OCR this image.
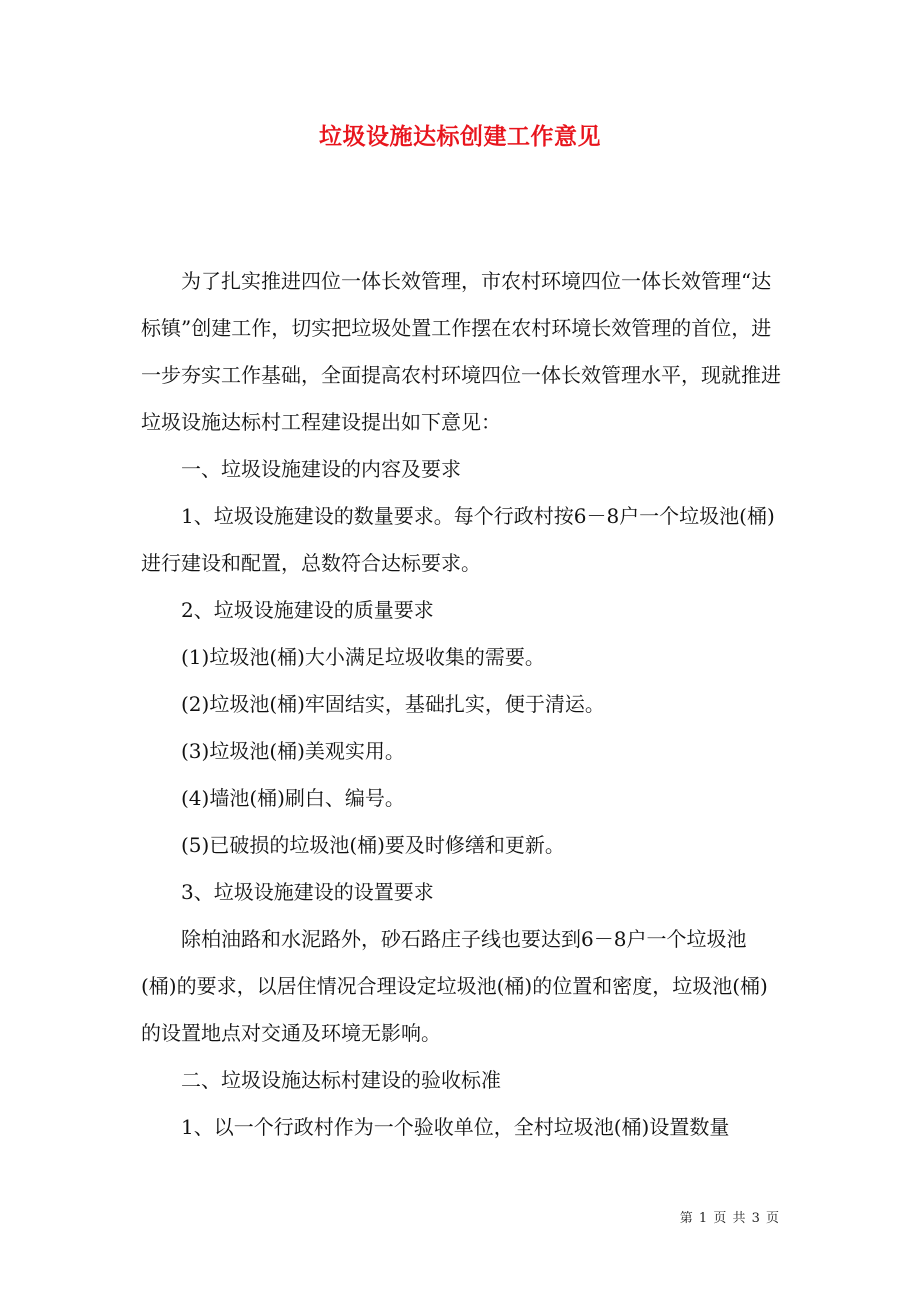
垃圾设施达标创建工作意见

为了扎实推进四位一体长效管理，市农村环境四位一体长效管理“达标镇”创建工作，切实把垃圾处置工作摆在农村环境长效管理的首位，进一步夯实工作基础，全面提高农村环境四位一体长效管理水平，现就推进垃圾设施达标村工程建设提出如下意见：

一、垃圾设施建设的内容及要求

1、垃圾设施建设的数量要求。每个行政村按6－8户一个垃圾池(桶)进行建设和配置，总数符合达标要求。

2、垃圾设施建设的质量要求

(1)垃圾池(桶)大小满足垃圾收集的需要。

(2)垃圾池(桶)牢固结实，基础扎实，便于清运。

(3)垃圾池(桶)美观实用。

(4)墙池(桶)刷白、编号。

(5)已破损的垃圾池(桶)要及时修缮和更新。

3、垃圾设施建设的设置要求

除柏油路和水泥路外，砂石路庄子线也要达到6－8户一个垃圾池(桶)的要求，以居住情况合理设定垃圾池(桶)的位置和密度，垃圾池(桶)的设置地点对交通及环境无影响。

二、垃圾设施达标村建设的验收标准

1、以一个行政村作为一个验收单位，全村垃圾池(桶)设置数量

第 1 页 共 3 页
